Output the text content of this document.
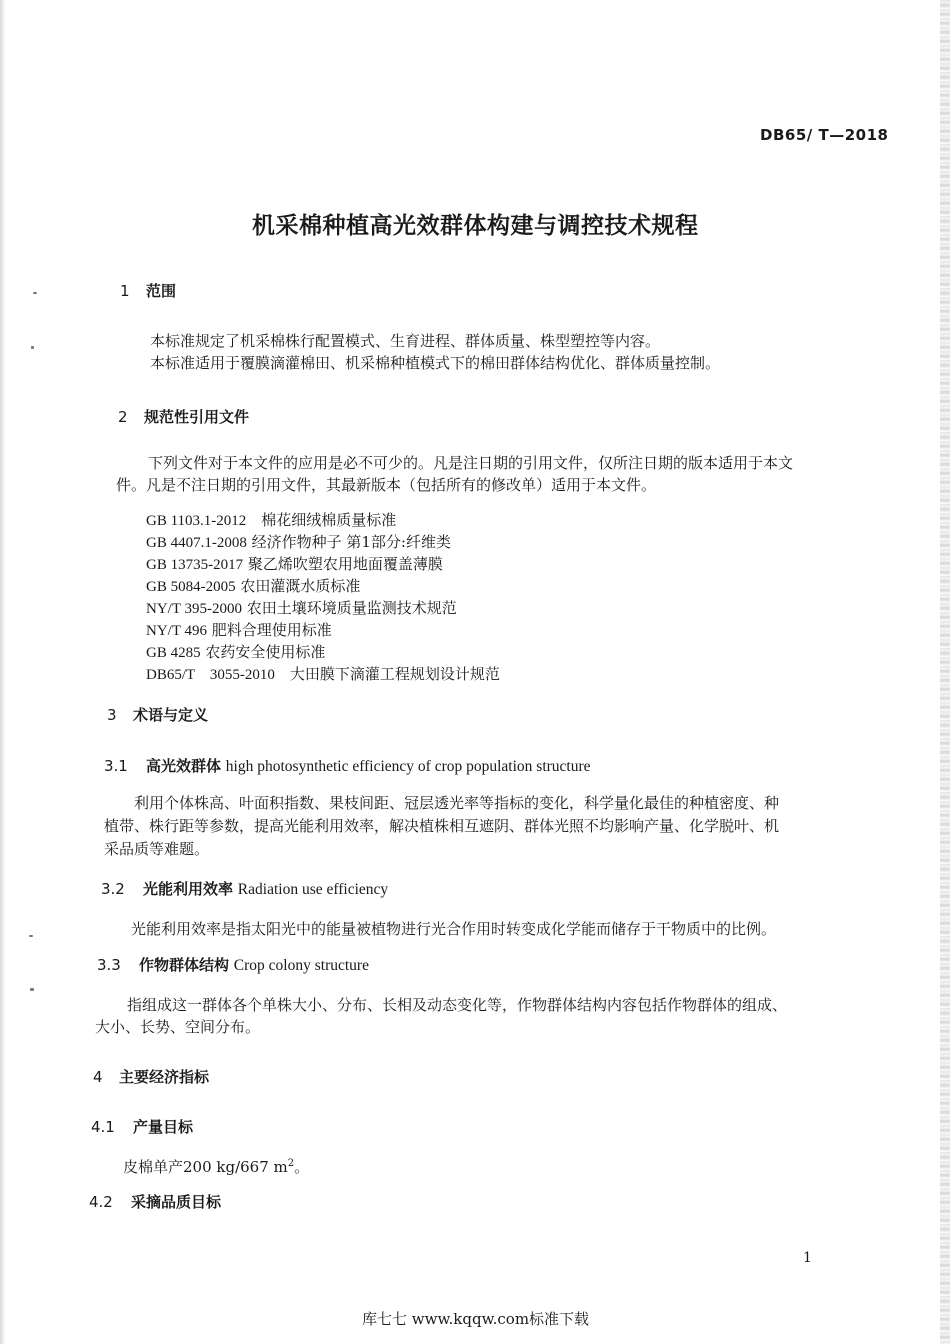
DB65/ T—2018
机采棉种植高光效群体构建与调控技术规程
1 范围
本标准规定了机采棉株行配置模式、生育进程、群体质量、株型塑控等内容。
本标准适用于覆膜滴灌棉田、机采棉种植模式下的棉田群体结构优化、群体质量控制。
2 规范性引用文件
下列文件对于本文件的应用是必不可少的。凡是注日期的引用文件，仅所注日期的版本适用于本文
件。凡是不注日期的引用文件，其最新版本（包括所有的修改单）适用于本文件。
GB 1103.1-2012　 棉花细绒棉质量标准
GB 4407.1-2008 经济作物种子 第1部分:纤维类
GB 13735-2017 聚乙烯吹塑农用地面覆盖薄膜
GB 5084-2005 农田灌溉水质标准
NY/T 395-2000 农田土壤环境质量监测技术规范
NY/T 496 肥料合理使用标准
GB 4285 农药安全使用标准
DB65/T　3055-2010　 大田膜下滴灌工程规划设计规范
3 术语与定义
3.1 高光效群体 high photosynthetic efficiency of crop population structure
利用个体株高、叶面积指数、果枝间距、冠层透光率等指标的变化，科学量化最佳的种植密度、种
植带、株行距等参数，提高光能利用效率，解决植株相互遮阴、群体光照不均影响产量、化学脱叶、机
采品质等难题。
3.2 光能利用效率 Radiation use efficiency
光能利用效率是指太阳光中的能量被植物进行光合作用时转变成化学能而储存于干物质中的比例。
3.3 作物群体结构 Crop colony structure
指组成这一群体各个单株大小、分布、长相及动态变化等，作物群体结构内容包括作物群体的组成、
大小、长势、空间分布。
4 主要经济指标
4.1 产量目标
皮棉单产200 kg/667 $m^2$。
4.2 采摘品质目标
1
库七七 www.kqqw.com标准下载
